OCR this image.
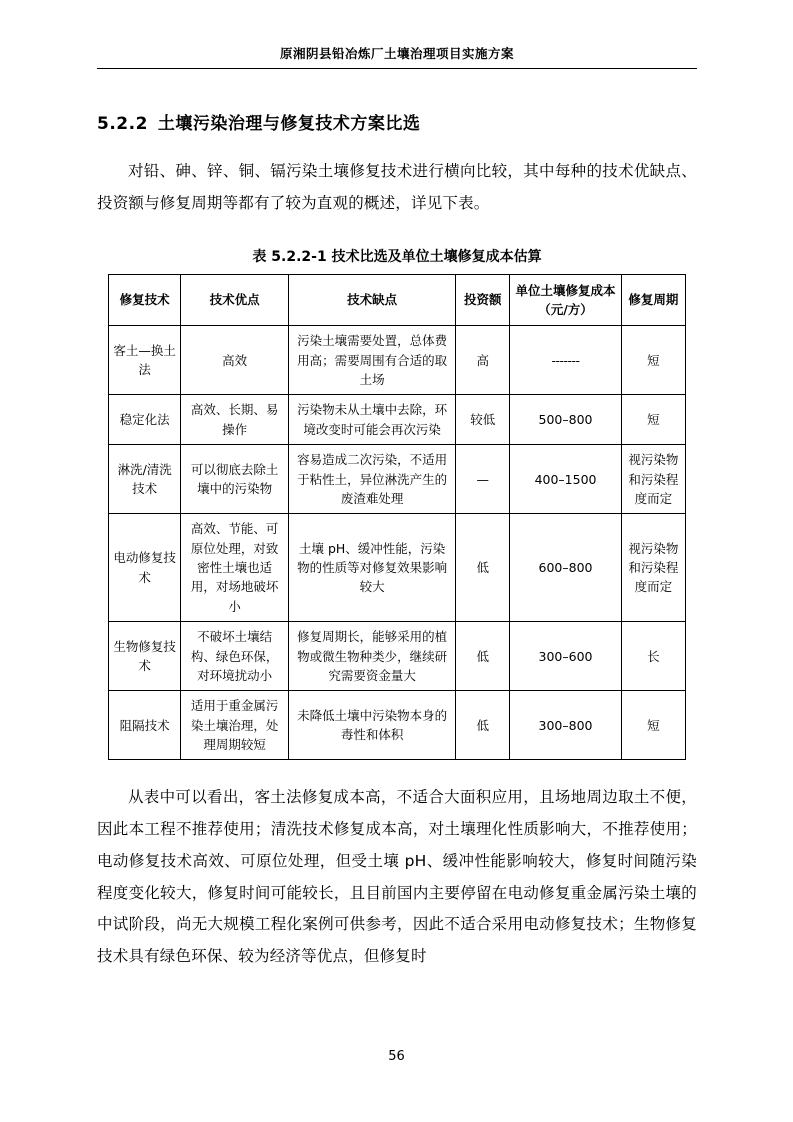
原湘阴县铅冶炼厂土壤治理项目实施方案
5.2.2 土壤污染治理与修复技术方案比选

对铅、砷、锌、铜、镉污染土壤修复技术进行横向比较，其中每种的技术优缺点、投资额与修复周期等都有了较为直观的概述，详见下表。

表 5.2.2-1 技术比选及单位土壤修复成本估算
修复技术	技术优点	技术缺点	投资额	单位土壤修复成本（元/方）	修复周期
客土—换土法	高效	污染土壤需要处置，总体费用高；需要周围有合适的取土场	高	-------	短
稳定化法	高效、长期、易操作	污染物未从土壤中去除，环境改变时可能会再次污染	较低	500–800	短
淋洗/清洗技术	可以彻底去除土壤中的污染物	容易造成二次污染，不适用于粘性土，异位淋洗产生的废渣难处理	—	400–1500	视污染物和污染程度而定
电动修复技术	高效、节能、可原位处理，对致密性土壤也适用，对场地破坏小	土壤 pH、缓冲性能，污染物的性质等对修复效果影响较大	低	600–800	视污染物和污染程度而定
生物修复技术	不破坏土壤结构、绿色环保，对环境扰动小	修复周期长，能够采用的植物或微生物种类少，继续研究需要资金量大	低	300–600	长
阻隔技术	适用于重金属污染土壤治理，处理周期较短	未降低土壤中污染物本身的毒性和体积	低	300–800	短

从表中可以看出，客土法修复成本高，不适合大面积应用，且场地周边取土不便，因此本工程不推荐使用；清洗技术修复成本高，对土壤理化性质影响大，不推荐使用；电动修复技术高效、可原位处理，但受土壤 pH、缓冲性能影响较大，修复时间随污染程度变化较大，修复时间可能较长，且目前国内主要停留在电动修复重金属污染土壤的中试阶段，尚无大规模工程化案例可供参考，因此不适合采用电动修复技术；生物修复技术具有绿色环保、较为经济等优点，但修复时

56
